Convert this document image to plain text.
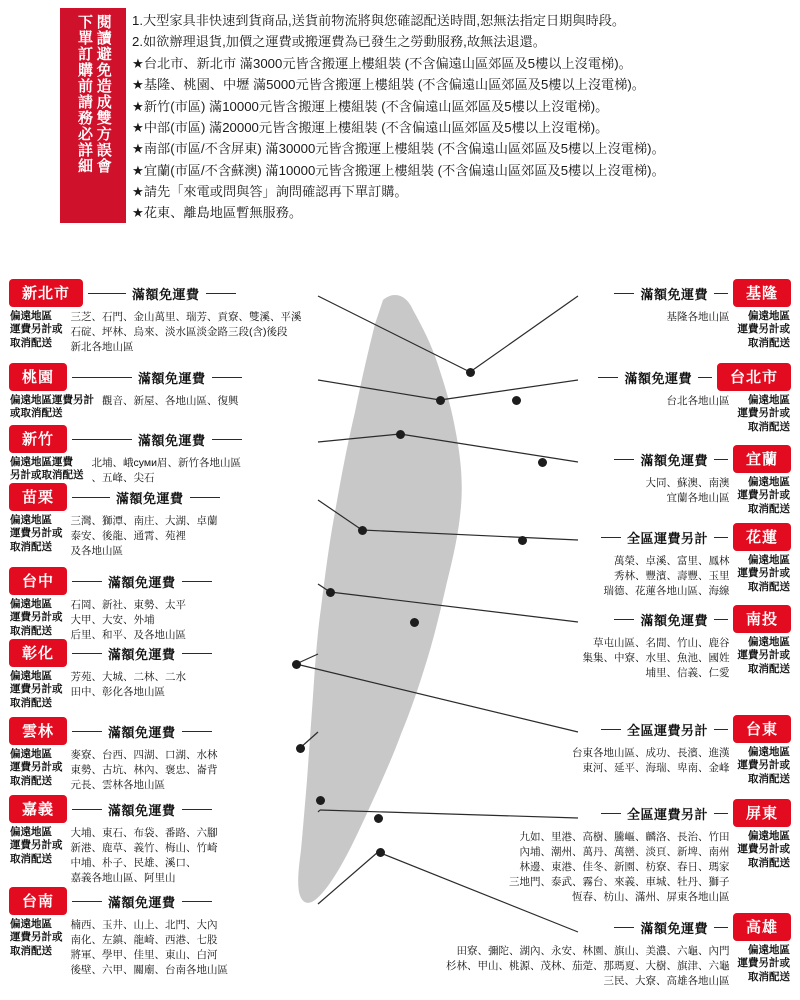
閱讀避免造成雙方誤會
下單訂購前請務必詳細	1.大型家具非快速到貨商品,送貨前物流將與您確認配送時間,恕無法指定日期與時段。
2.如欲辦理退貨,加價之運費或搬運費為已發生之勞動服務,故無法退還。
★台北市、新北市 滿3000元皆含搬運上樓組裝 (不含偏遠山區郊區及5樓以上沒電梯)。
★基隆、桃園、中壢 滿5000元皆含搬運上樓組裝 (不含偏遠山區郊區及5樓以上沒電梯)。
★新竹(市區) 滿10000元皆含搬運上樓組裝 (不含偏遠山區郊區及5樓以上沒電梯)。
★中部(市區) 滿20000元皆含搬運上樓組裝 (不含偏遠山區郊區及5樓以上沒電梯)。
★南部(市區/不含屏東) 滿30000元皆含搬運上樓組裝 (不含偏遠山區郊區及5樓以上沒電梯)。
★宜蘭(市區/不含蘇澳) 滿10000元皆含搬運上樓組裝 (不含偏遠山區郊區及5樓以上沒電梯)。
★請先「來電或問與答」詢問確認再下單訂購。
★花東、離島地區暫無服務。
新北市	滿額免運費
偏遠地區
運費另計或
取消配送
三芝、石門、金山萬里、瑞芳、貢寮、雙溪、平溪
石碇、坪林、烏來、淡水區淡金路三段(含)後段
新北各地山區
桃園	滿額免運費
偏遠地區運費另計
或取消配送
觀音、新屋、各地山區、復興
新竹	滿額免運費
偏遠地區運費
另計或取消配送
北埔、峨суми眉、新竹各地山區
、五峰、尖石
苗栗	滿額免運費
偏遠地區
運費另計或
取消配送
三灣、獅潭、南庄、大湖、卓蘭
泰安、後龍、通霄、苑裡
及各地山區
台中	滿額免運費
偏遠地區
運費另計或
取消配送
石岡、新社、東勢、太平
大甲、大安、外埔
后里、和平、及各地山區
彰化	滿額免運費
偏遠地區
運費另計或
取消配送
芳苑、大城、二林、二水
田中、彰化各地山區
雲林	滿額免運費
偏遠地區
運費另計或
取消配送
麥寮、台西、四湖、口湖、水林
東勢、古坑、林內、褒忠、崙背
元長、雲林各地山區
嘉義	滿額免運費
偏遠地區
運費另計或
取消配送
大埔、東石、布袋、番路、六腳
新港、鹿草、義竹、梅山、竹崎
中埔、朴子、民雄、溪口、
嘉義各地山區、阿里山
台南	滿額免運費
偏遠地區
運費另計或
取消配送
楠西、玉井、山上、北門、大內
南化、左鎮、龍崎、西港、七股
將軍、學甲、佳里、東山、白河
後壁、六甲、關廟、台南各地山區
滿額免運費	基隆
基隆各地山區	偏遠地區
運費另計或
取消配送
滿額免運費	台北市
台北各地山區	偏遠地區
運費另計或
取消配送
滿額免運費	宜蘭
大同、蘇澳、南澳
宜蘭各地山區
偏遠地區
運費另計或
取消配送
全區運費另計	花蓮
萬榮、卓溪、富里、鳳林
秀林、豐濱、壽豐、玉里
瑞德、花蓮各地山區、海線
偏遠地區
運費另計或
取消配送
滿額免運費	南投
草屯山區、名間、竹山、鹿谷
集集、中寮、水里、魚池、國姓
埔里、信義、仁愛
偏遠地區
運費另計或
取消配送
全區運費另計	台東
台東各地山區、成功、長濱、進漢
東河、延平、海瑞、卑南、金峰
偏遠地區
運費另計或
取消配送
全區運費另計	屏東
九如、里港、高樹、騰嶇、麟洛、長治、竹田
內埔、潮州、萬丹、萬巒、淡頁、新埤、南州
林邊、東港、佳冬、新園、枋寮、春日、瑪家
三地門、泰武、霧台、來義、車城、牡丹、獅子
恆春、枋山、滿州、屏東各地山區
偏遠地區
運費另計或
取消配送
滿額免運費	高雄
田寮、彌陀、湖內、永安、林園、旗山、美濃、六龜、內門
杉林、甲山、桃源、茂林、茄萣、那瑪夏、大樹、旗津、六龜
三民、大寮、高雄各地山區
偏遠地區
運費另計或
取消配送
